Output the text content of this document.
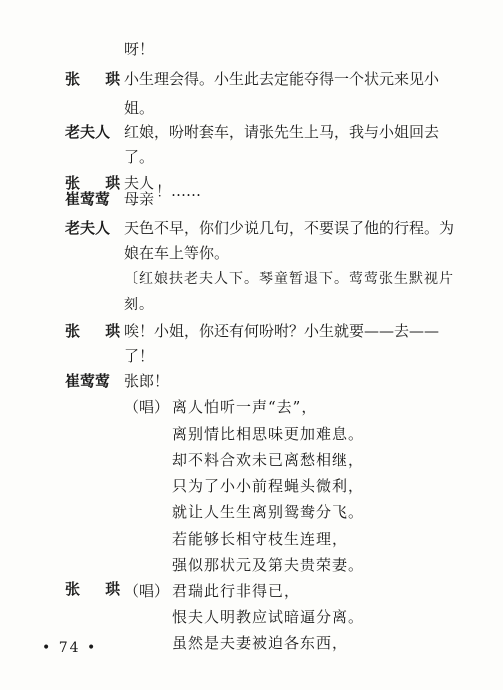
呀！
张 珙
小生理会得。小生此去定能夺得一个状元来见小
姐。
老夫人 红娘，吩咐套车，请张先生上马，我与小姐回去
了。
张 珙
崔莺莺
夫人
母亲 ！……
老夫人 天色不早，你们少说几句，不要误了他的行程。为
娘在车上等你。
〔红娘扶老夫人下。琴童暂退下。莺莺张生默视片
刻。
张 珙
唉！小姐，你还有何吩咐？小生就要——去——
了！
崔莺莺 张郎！
（唱） 离人怕听一声“去”，
离别情比相思味更加难息。
却不料合欢未已离愁相继，
只为了小小前程蝇头微利，
就让人生生离别鸳鸯分飞。
若能够长相守枝生连理，
强似那状元及第夫贵荣妻。
张 珙
（唱） 君瑞此行非得已，
恨夫人明教应试暗逼分离。
虽然是夫妻被迫各东西，
• 74 •
